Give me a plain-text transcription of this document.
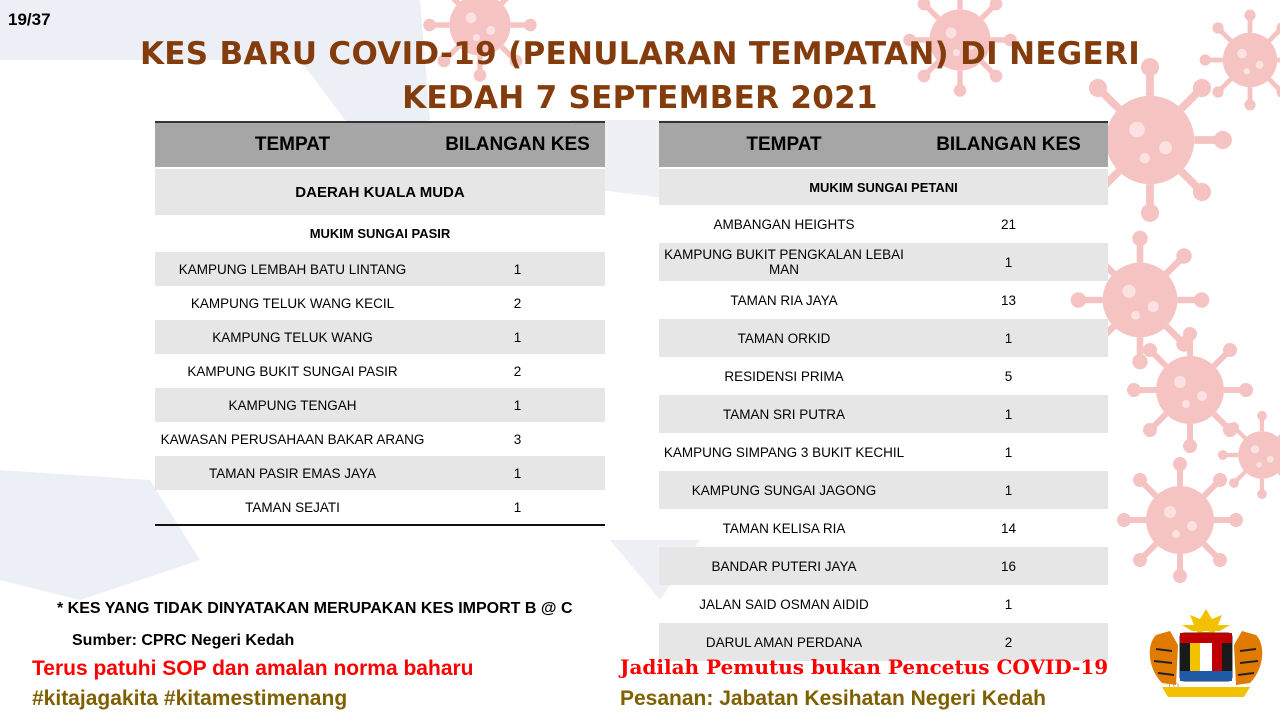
19/37
KES BARU COVID-19 (PENULARAN TEMPATAN) DI NEGERI KEDAH 7 SEPTEMBER 2021
TEMPAT	BILANGAN KES
DAERAH KUALA MUDA
MUKIM SUNGAI PASIR
KAMPUNG LEMBAH BATU LINTANG	1
KAMPUNG TELUK WANG KECIL	2
KAMPUNG TELUK WANG	1
KAMPUNG BUKIT SUNGAI PASIR	2
KAMPUNG TENGAH	1
KAWASAN PERUSAHAAN BAKAR ARANG	3
TAMAN PASIR EMAS JAYA	1
TAMAN SEJATI	1
TEMPAT	BILANGAN KES
MUKIM SUNGAI PETANI
AMBANGAN HEIGHTS	21
KAMPUNG BUKIT PENGKALAN LEBAI MAN	1
TAMAN RIA JAYA	13
TAMAN ORKID	1
RESIDENSI PRIMA	5
TAMAN SRI PUTRA	1
KAMPUNG SIMPANG 3 BUKIT KECHIL	1
KAMPUNG SUNGAI JAGONG	1
TAMAN KELISA RIA	14
BANDAR PUTERI JAYA	16
JALAN SAID OSMAN AIDID	1
DARUL AMAN PERDANA	2
* KES YANG TIDAK DINYATAKAN MERUPAKAN KES IMPORT B @ C
Sumber: CPRC Negeri Kedah
Terus patuhi SOP dan amalan norma baharu
#kitajagakita #kitamestimenang
Jadilah Pemutus bukan Pencetus COVID-19
Pesanan: Jabatan Kesihatan Negeri Kedah
